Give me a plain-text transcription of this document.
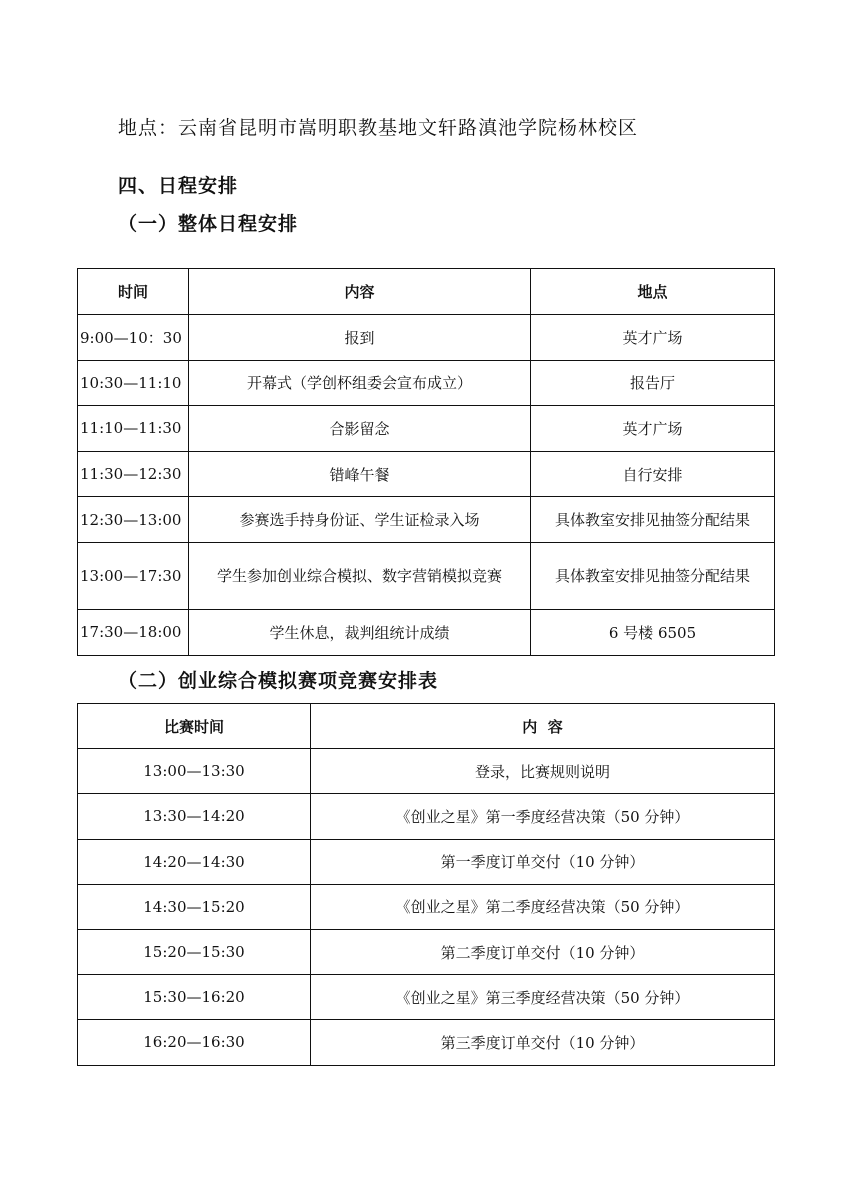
地点：云南省昆明市嵩明职教基地文轩路滇池学院杨林校区
四、日程安排
（一）整体日程安排
时间	内容	地点
9:00—10：30	报到	英才广场
10:30—11:10	开幕式（学创杯组委会宣布成立）	报告厅
11:10—11:30	合影留念	英才广场
11:30—12:30	错峰午餐	自行安排
12:30—13:00	参赛选手持身份证、学生证检录入场	具体教室安排见抽签分配结果
13:00—17:30	学生参加创业综合模拟、数字营销模拟竞赛	具体教室安排见抽签分配结果
17:30—18:00	学生休息，裁判组统计成绩	6 号楼 6505
（二）创业综合模拟赛项竞赛安排表
比赛时间	内  容
13:00—13:30	登录，比赛规则说明
13:30—14:20	《创业之星》第一季度经营决策（50 分钟）
14:20—14:30	第一季度订单交付（10 分钟）
14:30—15:20	《创业之星》第二季度经营决策（50 分钟）
15:20—15:30	第二季度订单交付（10 分钟）
15:30—16:20	《创业之星》第三季度经营决策（50 分钟）
16:20—16:30	第三季度订单交付（10 分钟）
